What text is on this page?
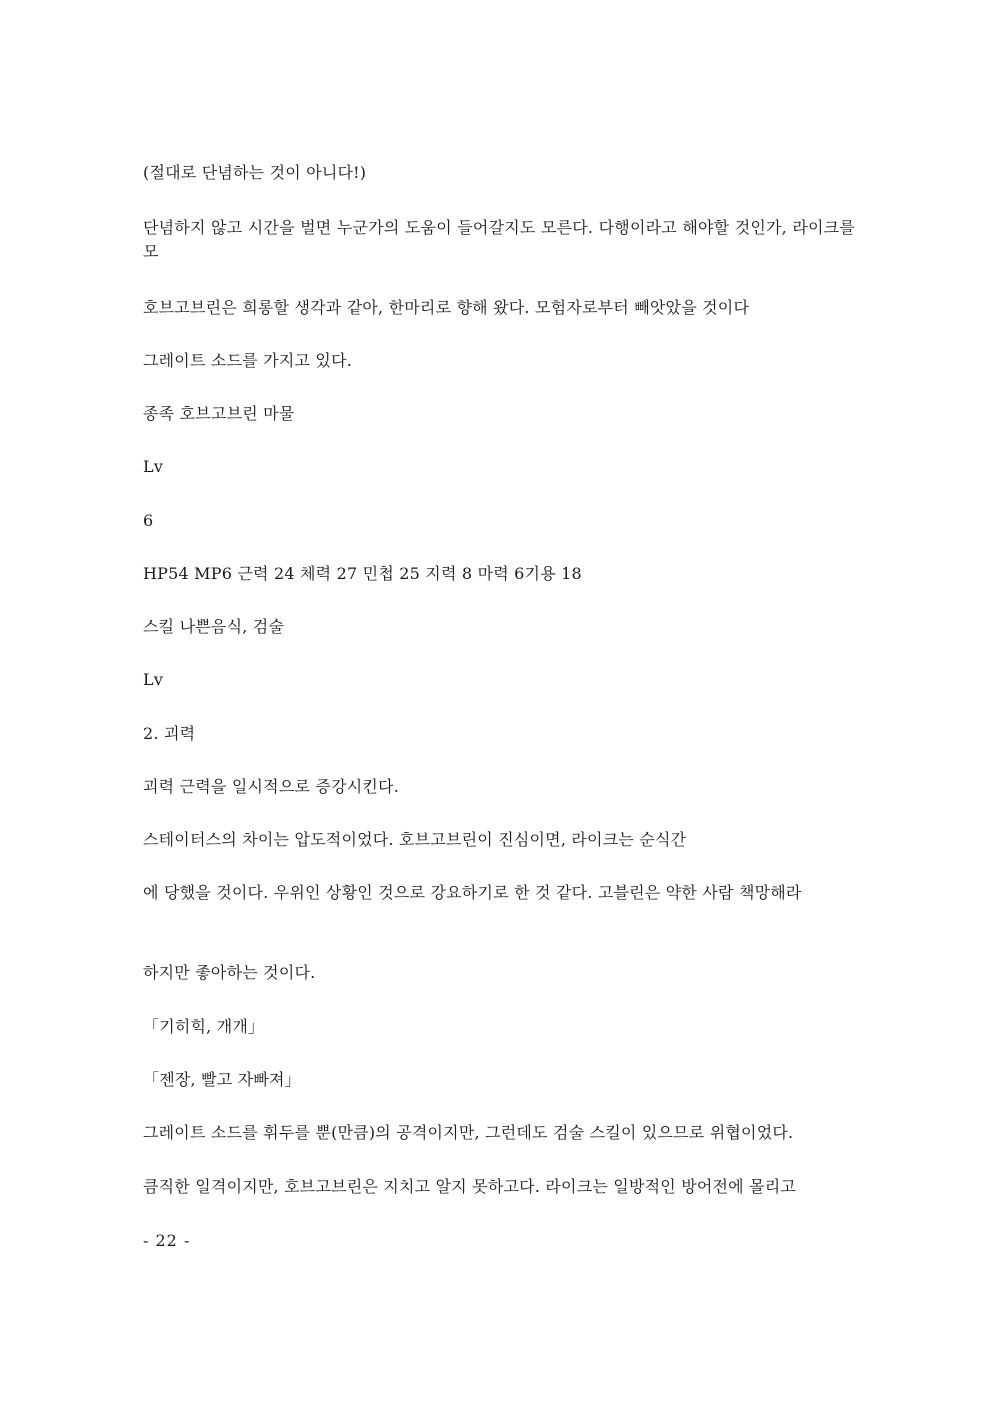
(절대로 단념하는 것이 아니다!)

단념하지 않고 시간을 벌면 누군가의 도움이 들어갈지도 모른다. 다행이라고 해야할 것인가, 라이크를 모

호브고브린은 희롱할 생각과 같아, 한마리로 향해 왔다. 모험자로부터 빼앗았을 것이다

그레이트 소드를 가지고 있다.

종족 호브고브린 마물

Lv

6

HP54 MP6 근력 24 체력 27 민첩 25 지력 8 마력 6기용 18

스킬 나쁜음식, 검술

Lv

2. 괴력

괴력 근력을 일시적으로 증강시킨다.

스테이터스의 차이는 압도적이었다. 호브고브린이 진심이면, 라이크는 순식간

에 당했을 것이다. 우위인 상황인 것으로 강요하기로 한 것 같다. 고블린은 약한 사람 책망해라

하지만 좋아하는 것이다.

「기히힉, 개개」

「젠장, 빨고 자빠져」

그레이트 소드를 휘두를 뿐(만큼)의 공격이지만, 그런데도 검술 스킬이 있으므로 위협이었다.

큼직한 일격이지만, 호브고브린은 지치고 알지 못하고다. 라이크는 일방적인 방어전에 몰리고

- 22 -
